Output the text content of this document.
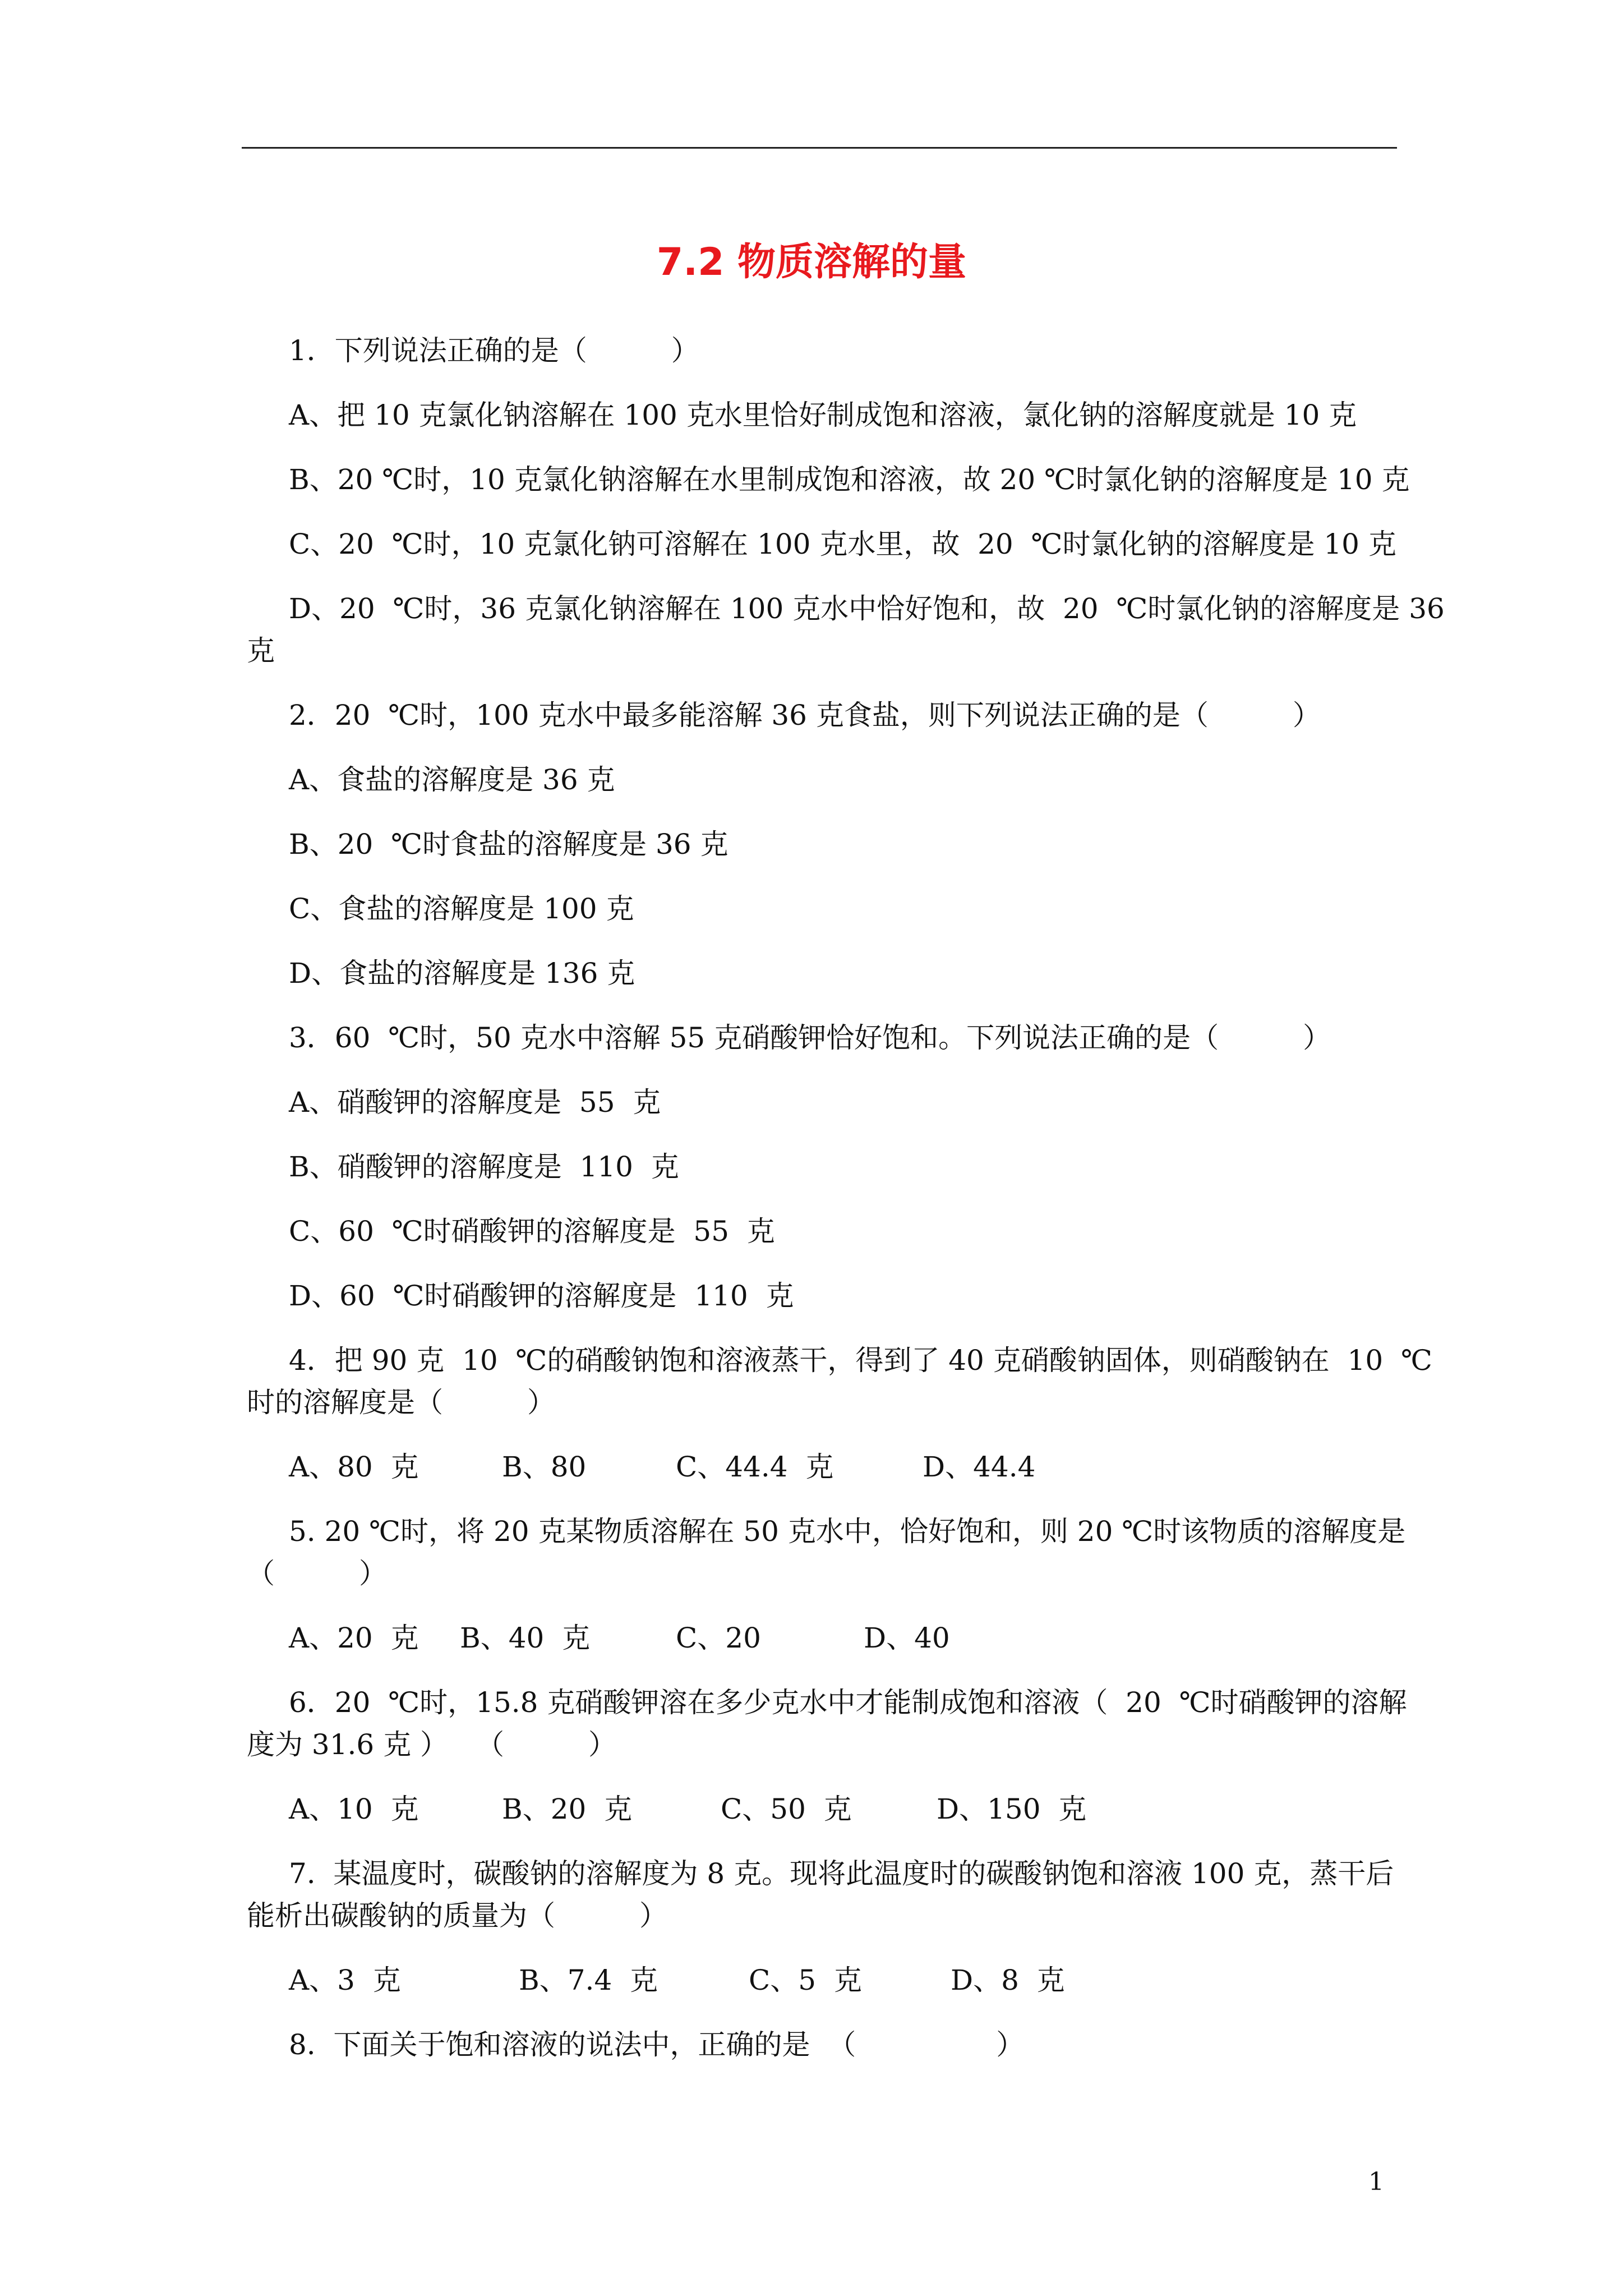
7.2 物质溶解的量
1．下列说法正确的是（　　　）
A、把 10 克氯化钠溶解在 100 克水里恰好制成饱和溶液，氯化钠的溶解度就是 10 克
B、20 ℃时，10 克氯化钠溶解在水里制成饱和溶液，故 20 ℃时氯化钠的溶解度是 10 克
C、20  ℃时，10 克氯化钠可溶解在 100 克水里，故  20  ℃时氯化钠的溶解度是 10 克
D、20  ℃时，36 克氯化钠溶解在 100 克水中恰好饱和，故  20  ℃时氯化钠的溶解度是 36
克
2．20  ℃时，100 克水中最多能溶解 36 克食盐，则下列说法正确的是（　　　）
A、食盐的溶解度是 36 克
B、20  ℃时食盐的溶解度是 36 克
C、食盐的溶解度是 100 克
D、食盐的溶解度是 136 克
3．60  ℃时，50 克水中溶解 55 克硝酸钾恰好饱和。下列说法正确的是（　　　）
A、硝酸钾的溶解度是  55  克
B、硝酸钾的溶解度是  110  克
C、60  ℃时硝酸钾的溶解度是  55  克
D、60  ℃时硝酸钾的溶解度是  110  克
4．把 90 克  10  ℃的硝酸钠饱和溶液蒸干，得到了 40 克硝酸钠固体，则硝酸钠在  10  ℃
时的溶解度是（　　　）

A、80  克

	B、80

	C、44.4  克

	D、44.4

5. 20 ℃时，将 20 克某物质溶解在 50 克水中，恰好饱和，则 20 ℃时该物质的溶解度是
（　　　）

A、20  克

B、40  克

	C、20

	D、40

6．20  ℃时，15.8 克硝酸钾溶在多少克水中才能制成饱和溶液（  20  ℃时硝酸钾的溶解
度为 31.6 克 ）　　（　　　）

A、10  克

	B、20  克

	C、50  克

	D、150  克

7.  某温度时，碳酸钠的溶解度为 8 克。现将此温度时的碳酸钠饱和溶液 100 克，蒸干后
能析出碳酸钠的质量为（　　　）

A、3  克

	B、7.4  克

	C、5  克

	D、8  克

8.  下面关于饱和溶液的说法中，正确的是  （　　　　　）
1
